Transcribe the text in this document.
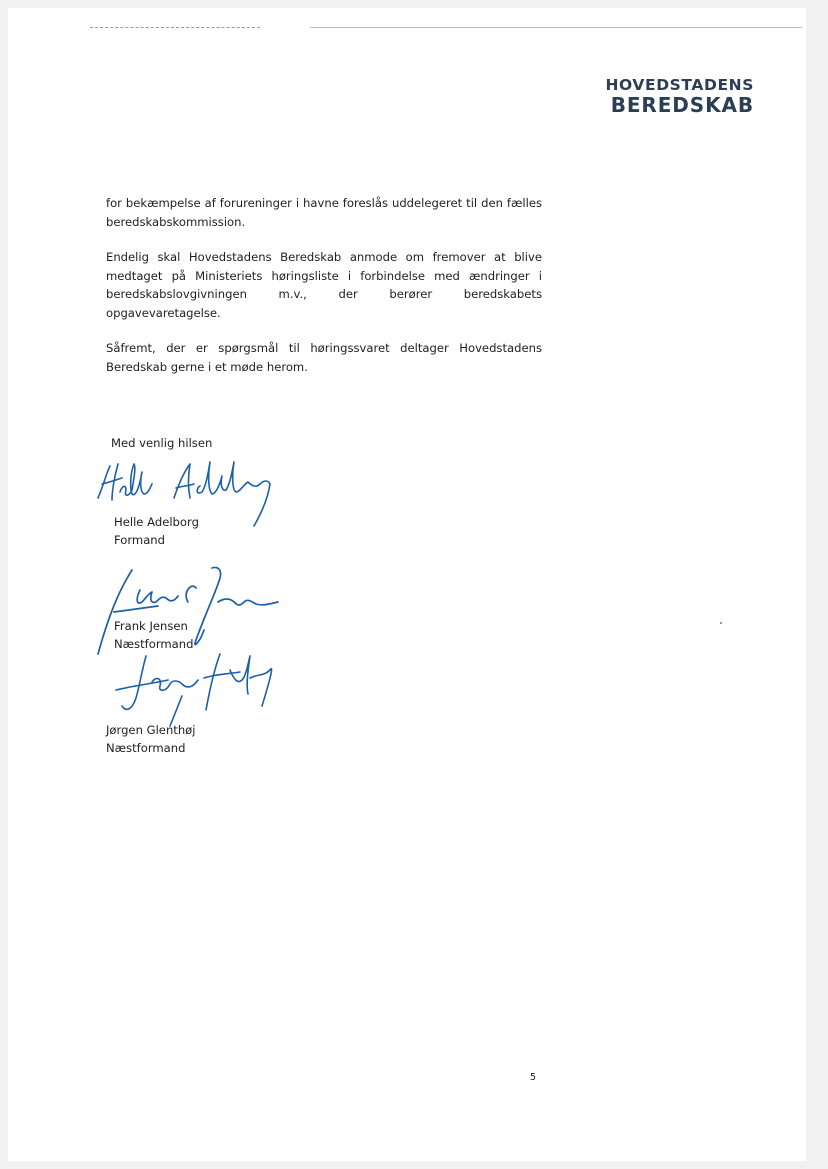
HOVEDSTADENS
BEREDSKAB

for bekæmpelse af forureninger i havne foreslås uddelegeret til den fælles beredskabskommission.

Endelig skal Hovedstadens Beredskab anmode om fremover at blive medtaget på Ministeriets høringsliste i forbindelse med ændringer i beredskabslovgivningen m.v., der berører beredskabets opgavevaretagelse.

Såfremt, der er spørgsmål til høringssvaret deltager Hovedstadens Beredskab gerne i et møde herom.

Med venlig hilsen
Helle Adelborg
Formand
Frank Jensen
Næstformand
Jørgen Glenthøj
Næstformand
5
